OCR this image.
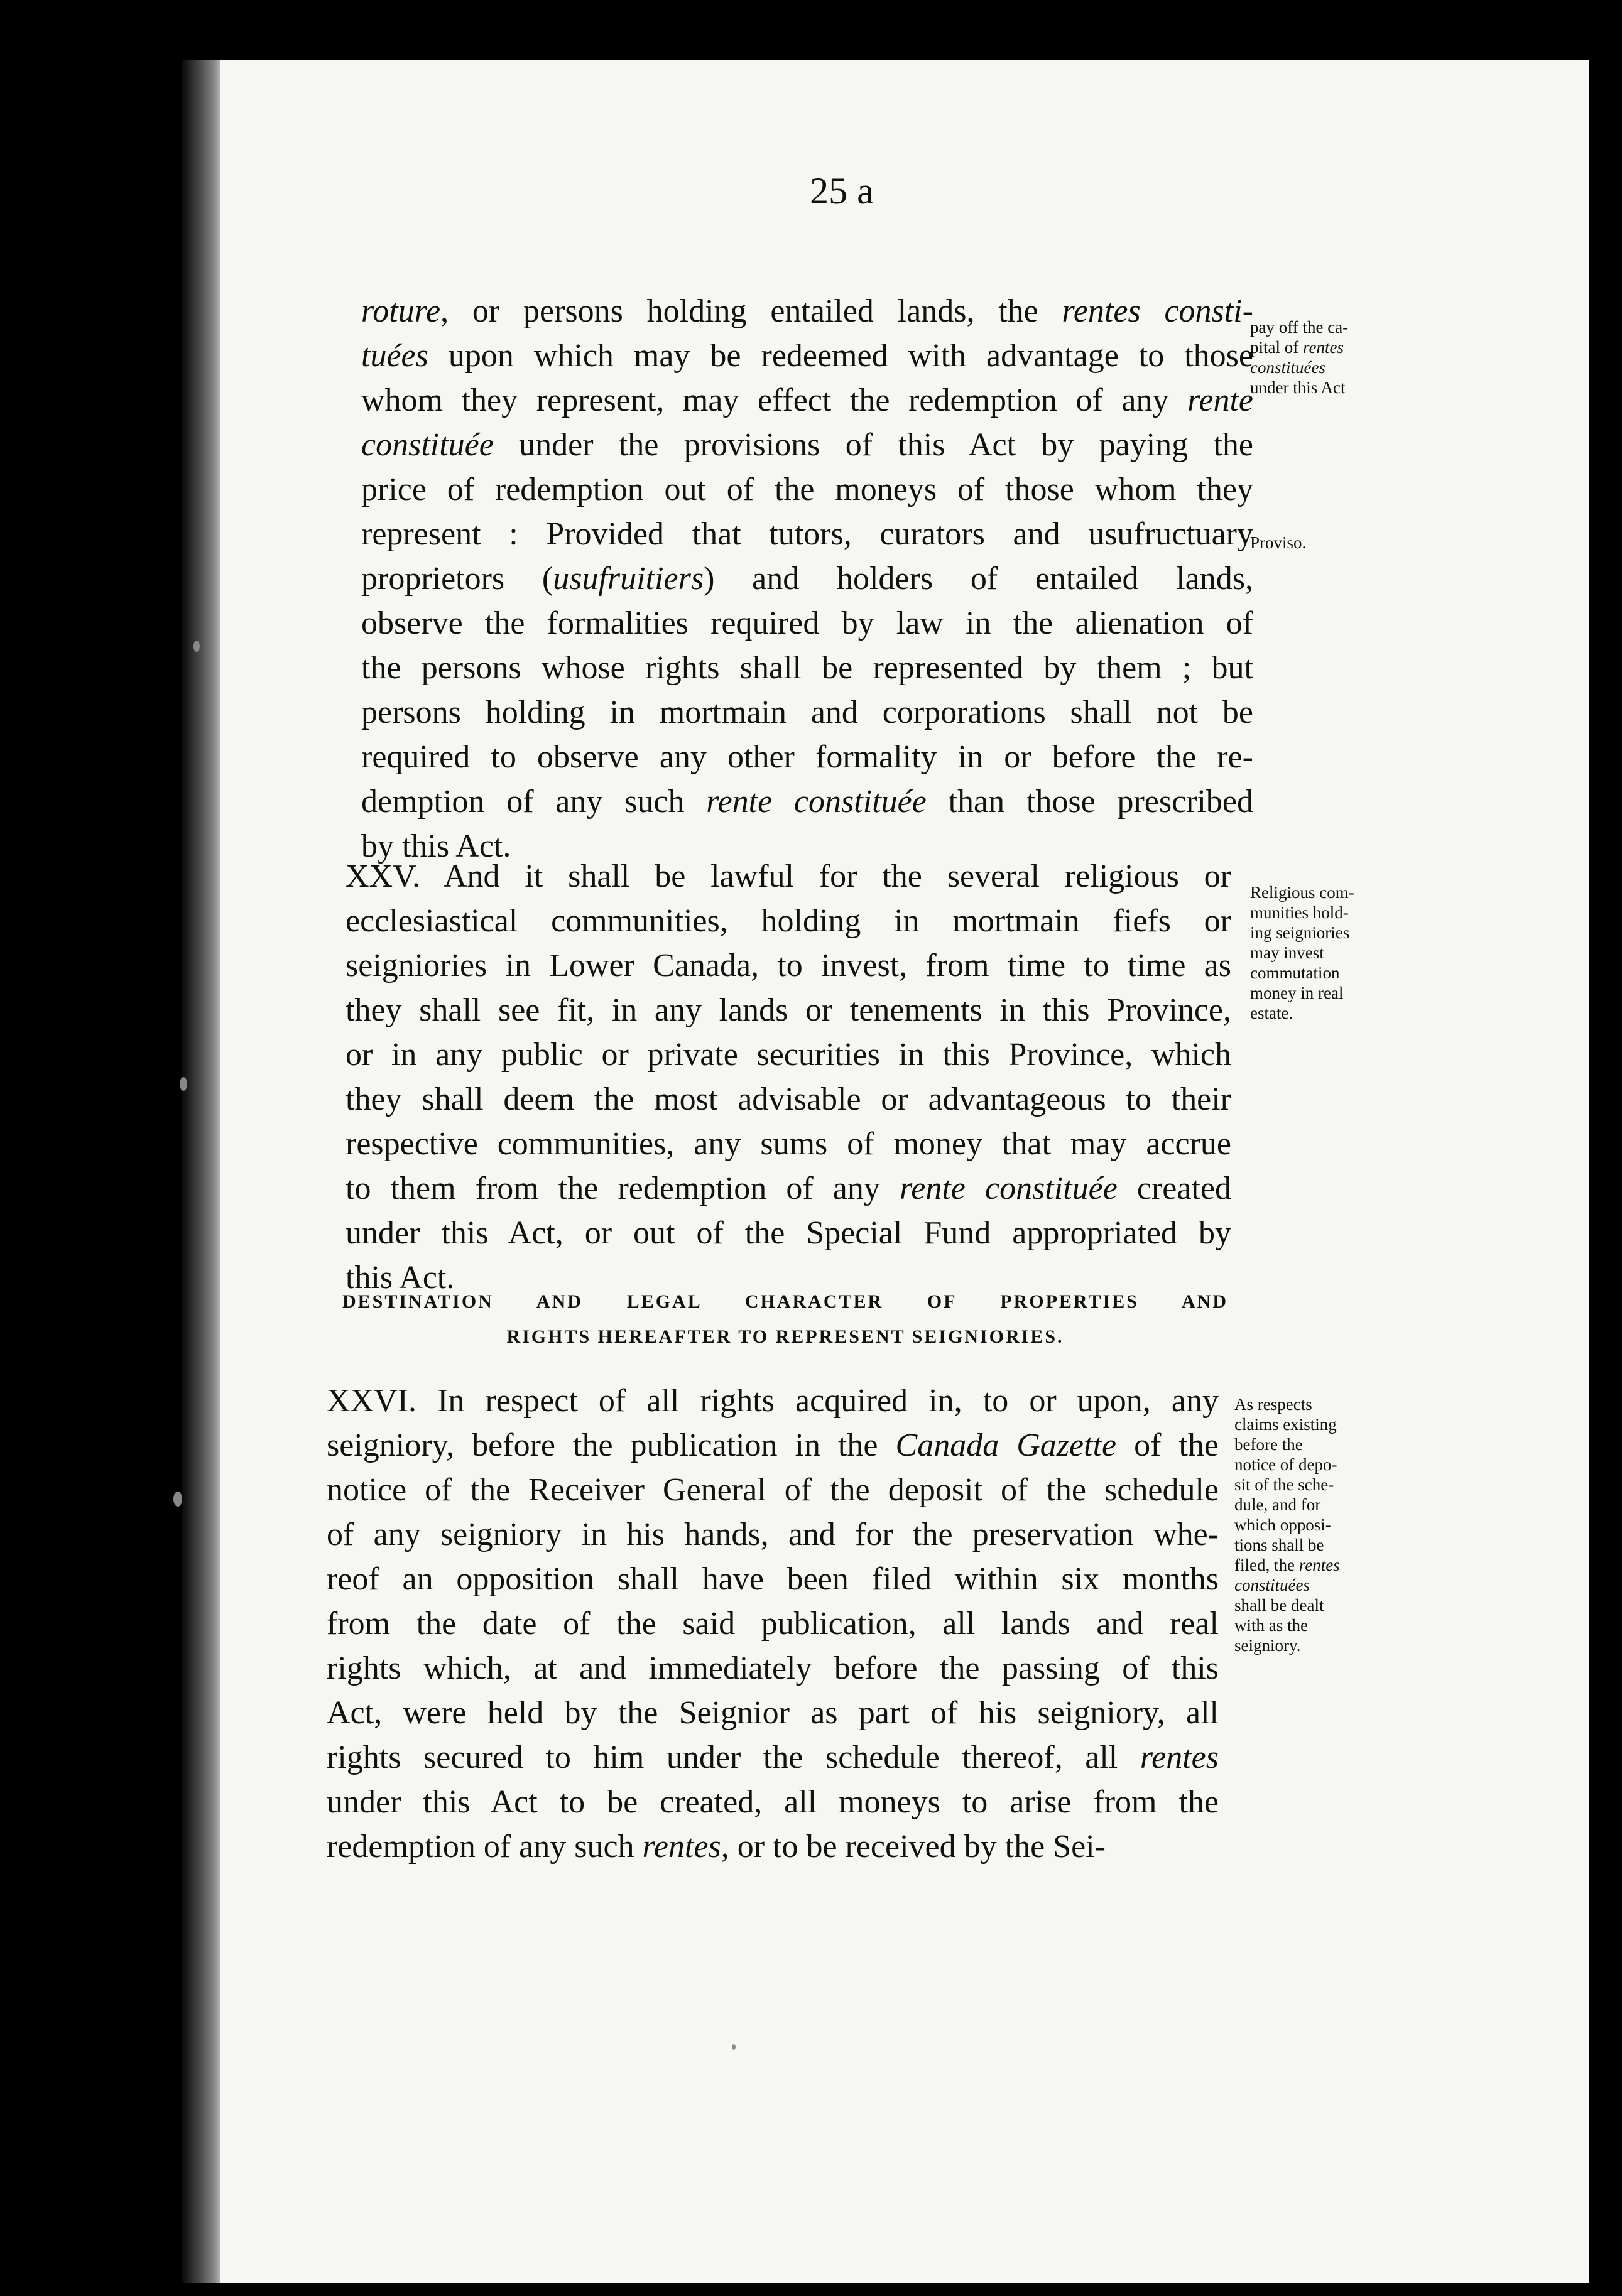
25 a

roture, or persons holding entailed lands, the rentes consti-
tuées upon which may be redeemed with advantage to those
whom they represent, may effect the redemption of any rente
constituée under the provisions of this Act by paying the
price of redemption out of the moneys of those whom they
represent : Provided that tutors, curators and usufructuary
proprietors (usufruitiers) and holders of entailed lands,
observe the formalities required by law in the alienation of
the persons whose rights shall be represented by them ; but
persons holding in mortmain and corporations shall not be
required to observe any other formality in or before the re-
demption of any such rente constituée than those prescribed
by this Act.

XXV. And it shall be lawful for the several religious or
ecclesiastical communities, holding in mortmain fiefs or
seigniories in Lower Canada, to invest, from time to time as
they shall see fit, in any lands or tenements in this Province,
or in any public or private securities in this Province, which
they shall deem the most advisable or advantageous to their
respective communities, any sums of money that may accrue
to them from the redemption of any rente constituée created
under this Act, or out of the Special Fund appropriated by
this Act.

DESTINATION AND LEGAL CHARACTER OF PROPERTIES AND
RIGHTS HEREAFTER TO REPRESENT SEIGNIORIES.

XXVI. In respect of all rights acquired in, to or upon, any
seigniory, before the publication in the Canada Gazette of the
notice of the Receiver General of the deposit of the schedule
of any seigniory in his hands, and for the preservation whe-
reof an opposition shall have been filed within six months
from the date of the said publication, all lands and real
rights which, at and immediately before the passing of this
Act, were held by the Seignior as part of his seigniory, all
rights secured to him under the schedule thereof, all rentes
under this Act to be created, all moneys to arise from the
redemption of any such rentes, or to be received by the Sei-

pay off the ca-
pital of rentes
constituées
under this Act

Proviso.

Religious com-
munities hold-
ing seigniories
may invest
commutation
money in real
estate.

As respects
claims existing
before the
notice of depo-
sit of the sche-
dule, and for
which opposi-
tions shall be
filed, the rentes
constituées
shall be dealt
with as the
seigniory.
